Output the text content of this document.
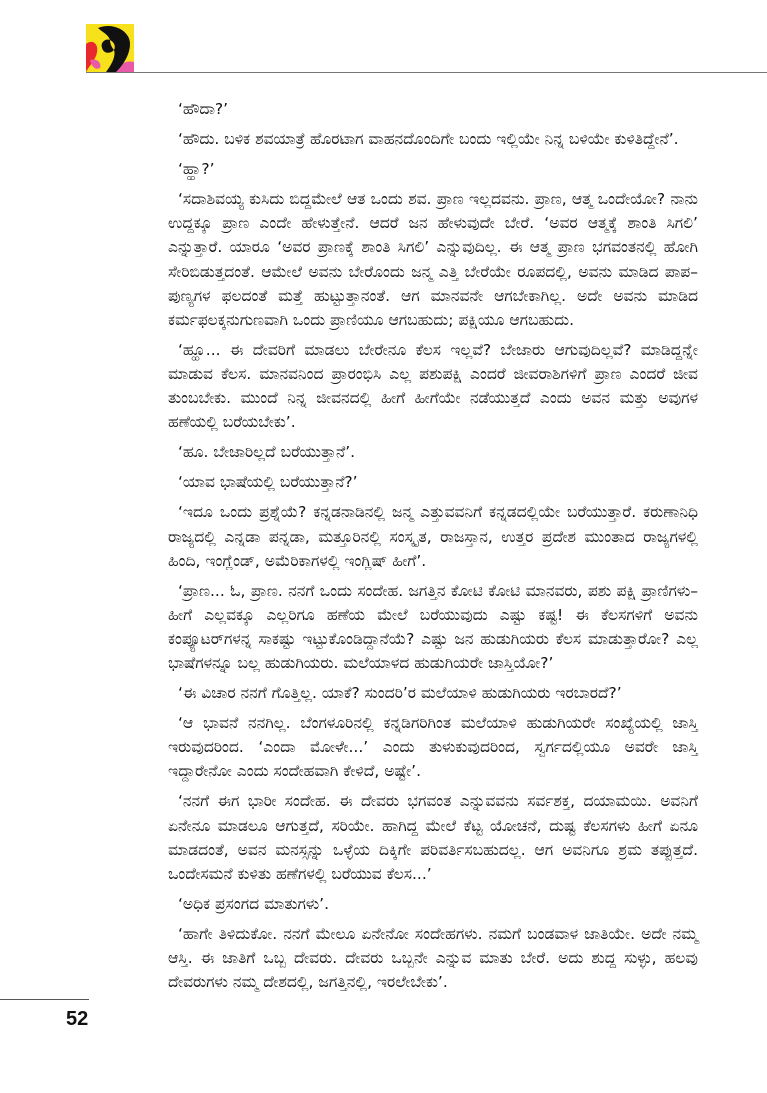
‘ಹೌದಾ?’

‘ಹೌದು. ಬಳಿಕ ಶವಯಾತ್ರೆ ಹೊರಟಾಗ ವಾಹನದೊಂದಿಗೇ ಬಂದು ಇಲ್ಲಿಯೇ ನಿನ್ನ ಬಳಿಯೇ ಕುಳಿತಿದ್ದೇನೆ’.

‘ಹ್ಹಾ?’

‘ಸದಾಶಿವಯ್ಯ ಕುಸಿದು ಬಿದ್ದಮೇಲೆ ಆತ ಒಂದು ಶವ. ಪ್ರಾಣ ಇಲ್ಲದವನು. ಪ್ರಾಣ, ಆತ್ಮ ಒಂದೇಯೋ? ನಾನು ಉದ್ದಕ್ಕೂ ಪ್ರಾಣ ಎಂದೇ ಹೇಳುತ್ತೇನೆ. ಆದರೆ ಜನ ಹೇಳುವುದೇ ಬೇರೆ. ‘ಅವರ ಆತ್ಮಕ್ಕೆ ಶಾಂತಿ ಸಿಗಲಿ’ ಎನ್ನುತ್ತಾರೆ. ಯಾರೂ ‘ಅವರ ಪ್ರಾಣಕ್ಕೆ ಶಾಂತಿ ಸಿಗಲಿ’ ಎನ್ನುವುದಿಲ್ಲ. ಈ ಆತ್ಮ ಪ್ರಾಣ ಭಗವಂತನಲ್ಲಿ ಹೋಗಿ ಸೇರಿಬಿಡುತ್ತದಂತೆ. ಆಮೇಲೆ ಅವನು ಬೇರೊಂದು ಜನ್ಮ ಎತ್ತಿ ಬೇರೆಯೇ ರೂಪದಲ್ಲಿ, ಅವನು ಮಾಡಿದ ಪಾಪ–ಪುಣ್ಯಗಳ ಫಲದಂತೆ ಮತ್ತೆ ಹುಟ್ಟುತ್ತಾನಂತೆ. ಆಗ ಮಾನವನೇ ಆಗಬೇಕಾಗಿಲ್ಲ. ಅದೇ ಅವನು ಮಾಡಿದ ಕರ್ಮಫಲಕ್ಕನುಗುಣವಾಗಿ ಒಂದು ಪ್ರಾಣಿಯೂ ಆಗಬಹುದು; ಪಕ್ಷಿಯೂ ಆಗಬಹುದು.

‘ಹ್ಹೂ... ಈ ದೇವರಿಗೆ ಮಾಡಲು ಬೇರೇನೂ ಕೆಲಸ ಇಲ್ಲವೆ? ಬೇಜಾರು ಆಗುವುದಿಲ್ಲವೆ? ಮಾಡಿದ್ದನ್ನೇ ಮಾಡುವ ಕೆಲಸ. ಮಾನವನಿಂದ ಪ್ರಾರಂಭಿಸಿ ಎಲ್ಲ ಪಶುಪಕ್ಷಿ ಎಂದರೆ ಜೀವರಾಶಿಗಳಿಗೆ ಪ್ರಾಣ ಎಂದರೆ ಜೀವ ತುಂಬಬೇಕು. ಮುಂದೆ ನಿನ್ನ ಜೀವನದಲ್ಲಿ ಹೀಗೆ ಹೀಗೆಯೇ ನಡೆಯುತ್ತದೆ ಎಂದು ಅವನ ಮತ್ತು ಅವುಗಳ ಹಣೆಯಲ್ಲಿ ಬರೆಯಬೇಕು’.

‘ಹೂ. ಬೇಜಾರಿಲ್ಲದೆ ಬರೆಯುತ್ತಾನೆ’.

‘ಯಾವ ಭಾಷೆಯಲ್ಲಿ ಬರೆಯುತ್ತಾನೆ?’

‘ಇದೂ ಒಂದು ಪ್ರಶ್ನೆಯೆ? ಕನ್ನಡನಾಡಿನಲ್ಲಿ ಜನ್ಮ ಎತ್ತುವವನಿಗೆ ಕನ್ನಡದಲ್ಲಿಯೇ ಬರೆಯುತ್ತಾರೆ. ಕರುಣಾನಿಧಿ ರಾಜ್ಯದಲ್ಲಿ ಎನ್ನಡಾ ಪನ್ನಡಾ, ಮತ್ತೂರಿನಲ್ಲಿ ಸಂಸ್ಕೃತ, ರಾಜಸ್ತಾನ, ಉತ್ತರ ಪ್ರದೇಶ ಮುಂತಾದ ರಾಜ್ಯಗಳಲ್ಲಿ ಹಿಂದಿ, ಇಂಗ್ಲೆಂಡ್, ಅಮೆರಿಕಾಗಳಲ್ಲಿ ಇಂಗ್ಲಿಷ್ ಹೀಗೆ’.

‘ಪ್ರಾಣ... ಓ, ಪ್ರಾಣ. ನನಗೆ ಒಂದು ಸಂದೇಹ. ಜಗತ್ತಿನ ಕೋಟಿ ಕೋಟಿ ಮಾನವರು, ಪಶು ಪಕ್ಷಿ ಪ್ರಾಣಿಗಳು– ಹೀಗೆ ಎಲ್ಲವಕ್ಕೂ ಎಲ್ಲರಿಗೂ ಹಣೆಯ ಮೇಲೆ ಬರೆಯುವುದು ಎಷ್ಟು ಕಷ್ಟ! ಈ ಕೆಲಸಗಳಿಗೆ ಅವನು ಕಂಪ್ಯೂಟರ್‌ಗಳನ್ನ ಸಾಕಷ್ಟು ಇಟ್ಟುಕೊಂಡಿದ್ದಾನೆಯೆ? ಎಷ್ಟು ಜನ ಹುಡುಗಿಯರು ಕೆಲಸ ಮಾಡುತ್ತಾರೋ? ಎಲ್ಲ ಭಾಷೆಗಳನ್ನೂ ಬಲ್ಲ ಹುಡುಗಿಯರು. ಮಲೆಯಾಳದ ಹುಡುಗಿಯರೇ ಜಾಸ್ತಿಯೋ?’

‘ಈ ವಿಚಾರ ನನಗೆ ಗೊತ್ತಿಲ್ಲ. ಯಾಕೆ? ಸುಂದರಿ’ರ ಮಲೆಯಾಳಿ ಹುಡುಗಿಯರು ಇರಬಾರದೆ?’

‘ಆ ಭಾವನೆ ನನಗಿಲ್ಲ. ಬೆಂಗಳೂರಿನಲ್ಲಿ ಕನ್ನಡಿಗರಿಗಿಂತ ಮಲೆಯಾಳಿ ಹುಡುಗಿಯರೇ ಸಂಖ್ಯೆಯಲ್ಲಿ ಜಾಸ್ತಿ ಇರುವುದರಿಂದ. ‘ಎಂದಾ ಮೋಳೇ...’ ಎಂದು ತುಳುಕುವುದರಿಂದ, ಸ್ವರ್ಗದಲ್ಲಿಯೂ ಅವರೇ ಜಾಸ್ತಿ ಇದ್ದಾರೇನೋ ಎಂದು ಸಂದೇಹವಾಗಿ ಕೇಳಿದೆ, ಅಷ್ಟೇ’.

‘ನನಗೆ ಈಗ ಭಾರೀ ಸಂದೇಹ. ಈ ದೇವರು ಭಗವಂತ ಎನ್ನುವವನು ಸರ್ವಶಕ್ತ, ದಯಾಮಯಿ. ಅವನಿಗೆ ಏನೇನೂ ಮಾಡಲೂ ಆಗುತ್ತದೆ, ಸರಿಯೇ. ಹಾಗಿದ್ದ ಮೇಲೆ ಕೆಟ್ಟ ಯೋಚನೆ, ದುಷ್ಟ ಕೆಲಸಗಳು ಹೀಗೆ ಏನೂ ಮಾಡದಂತೆ, ಅವನ ಮನಸ್ಸನ್ನು ಒಳ್ಳೆಯ ದಿಕ್ಕಿಗೇ ಪರಿವರ್ತಿಸಬಹುದಲ್ಲ. ಆಗ ಅವನಿಗೂ ಶ್ರಮ ತಪ್ಪುತ್ತದೆ. ಒಂದೇಸಮನೆ ಕುಳಿತು ಹಣೆಗಳಲ್ಲಿ ಬರೆಯುವ ಕೆಲಸ...’

‘ಅಧಿಕ ಪ್ರಸಂಗದ ಮಾತುಗಳು’.

‘ಹಾಗೇ ತಿಳಿದುಕೋ. ನನಗೆ ಮೇಲೂ ಏನೇನೋ ಸಂದೇಹಗಳು. ನಮಗೆ ಬಂಡವಾಳ ಜಾತಿಯೇ. ಅದೇ ನಮ್ಮ ಆಸ್ತಿ. ಈ ಜಾತಿಗೆ ಒಬ್ಬ ದೇವರು. ದೇವರು ಒಬ್ಬನೇ ಎನ್ನುವ ಮಾತು ಬೇರೆ. ಅದು ಶುದ್ದ ಸುಳ್ಳು, ಹಲವು ದೇವರುಗಳು ನಮ್ಮ ದೇಶದಲ್ಲಿ, ಜಗತ್ತಿನಲ್ಲಿ, ಇರಲೇಬೇಕು’.

52
